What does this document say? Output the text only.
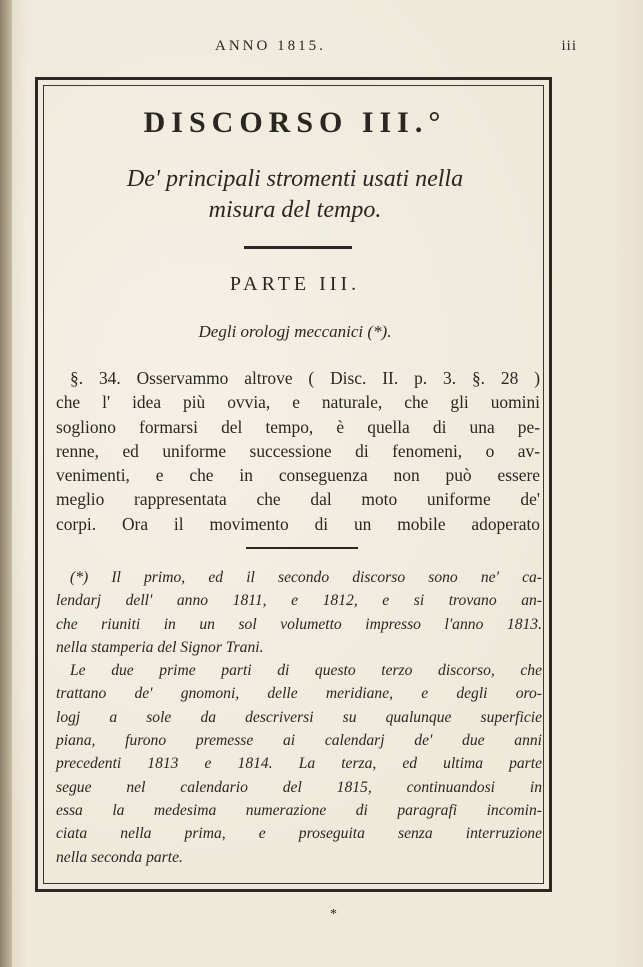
ANNO 1815.	iii
DISCORSO III.°
De' principali stromenti usati nella
misura del tempo.
PARTE III.
Degli orologj meccanici (*).
§. 34. Osservammo altrove ( Disc. II. p. 3. §. 28 )
che l' idea più ovvia, e naturale, che gli uomini
sogliono formarsi del tempo, è quella di una pe-
renne, ed uniforme successione di fenomeni, o av-
venimenti, e che in conseguenza non può essere
meglio rappresentata che dal moto uniforme de'
corpi. Ora il movimento di un mobile adoperato
(*) Il primo, ed il secondo discorso sono ne' ca-
lendarj dell' anno 1811, e 1812, e si trovano an-
che riuniti in un sol volumetto impresso l'anno 1813.
nella stamperia del Signor Trani.
Le due prime parti di questo terzo discorso, che
trattano de' gnomoni, delle meridiane, e degli oro-
logj a sole da descriversi su qualunque superficie
piana, furono premesse ai calendarj de' due anni
precedenti 1813 e 1814. La terza, ed ultima parte
segue nel calendario del 1815, continuandosi in
essa la medesima numerazione di paragrafi incomin-
ciata nella prima, e proseguita senza interruzione
nella seconda parte.
*
